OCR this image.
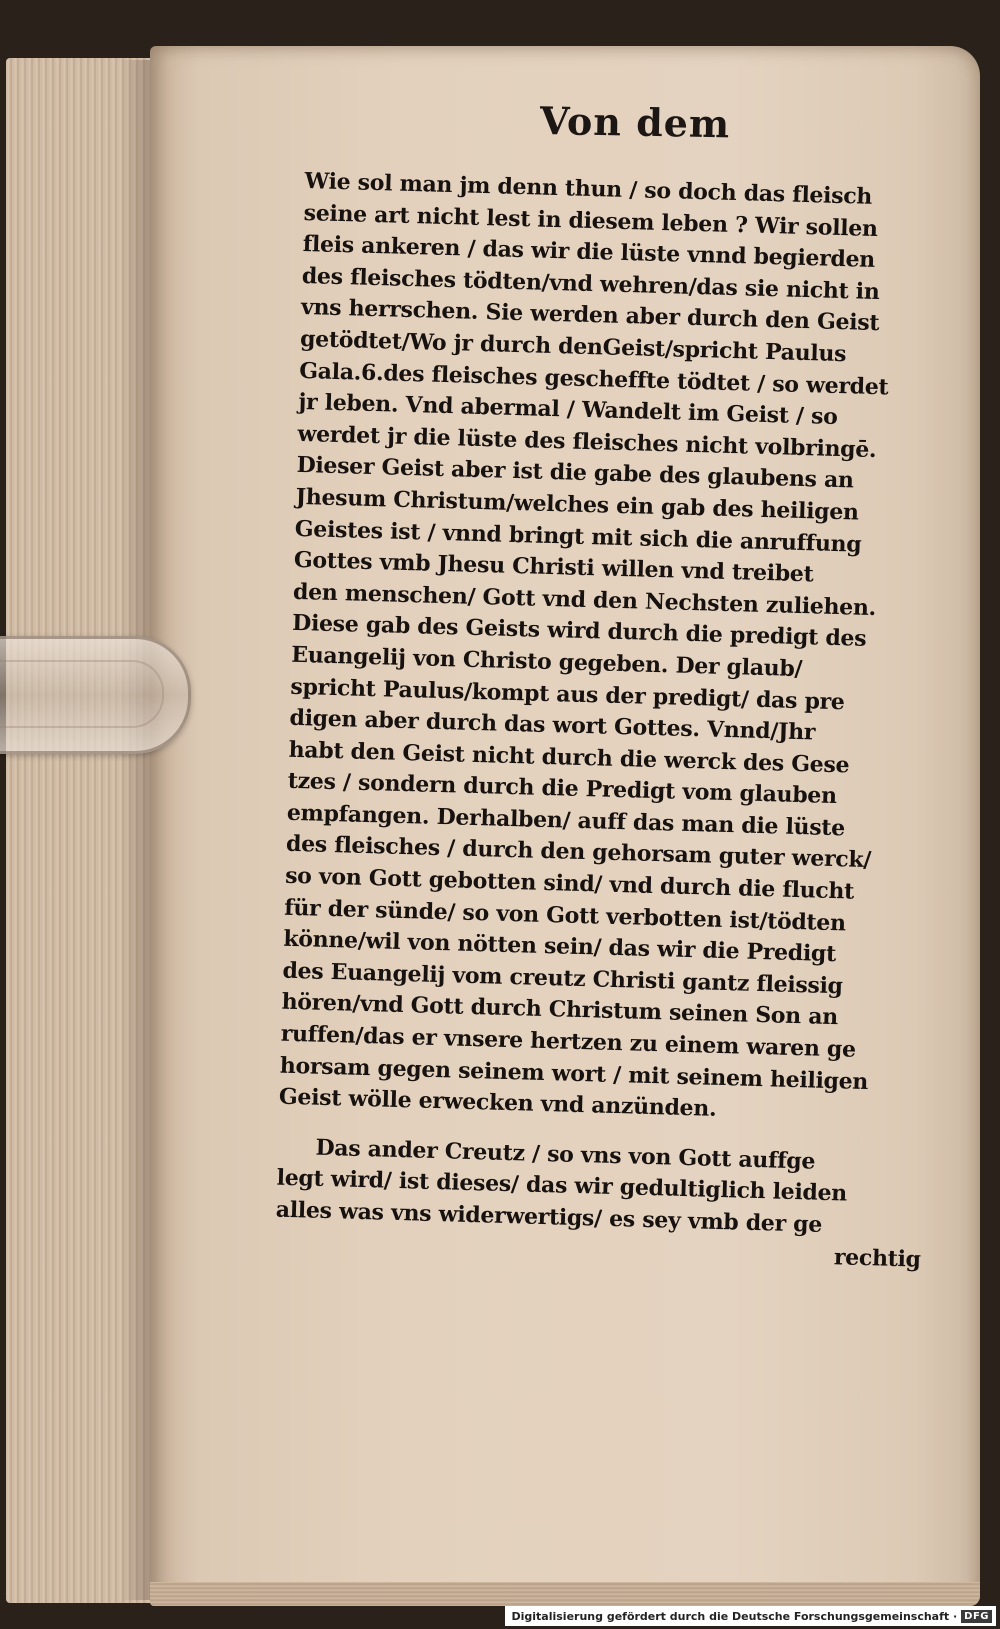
Von dem
Wie sol man jm denn thun / so doch das fleisch
seine art nicht lest in diesem leben ? Wir sollen
fleis ankeren / das wir die lüste vnnd begierden
des fleisches tödten/vnd wehren/das sie nicht in
vns herrschen. Sie werden aber durch den Geist
getödtet/Wo jr durch denGeist/spricht Paulus
Gala.6.des fleisches gescheffte tödtet / so werdet
jr leben. Vnd abermal / Wandelt im Geist / so
werdet jr die lüste des fleisches nicht volbringē.
Dieser Geist aber ist die gabe des glaubens an
Jhesum Christum/welches ein gab des heiligen
Geistes ist / vnnd bringt mit sich die anruffung
Gottes vmb Jhesu Christi willen vnd treibet
den menschen/ Gott vnd den Nechsten zuliehen.
Diese gab des Geists wird durch die predigt des
Euangelij von Christo gegeben. Der glaub/
spricht Paulus/kompt aus der predigt/ das pre
digen aber durch das wort Gottes. Vnnd/Jhr
habt den Geist nicht durch die werck des Gese
tzes / sondern durch die Predigt vom glauben
empfangen. Derhalben/ auff das man die lüste
des fleisches / durch den gehorsam guter werck/
so von Gott gebotten sind/ vnd durch die flucht
für der sünde/ so von Gott verbotten ist/tödten
könne/wil von nötten sein/ das wir die Predigt
des Euangelij vom creutz Christi gantz fleissig
hören/vnd Gott durch Christum seinen Son an
ruffen/das er vnsere hertzen zu einem waren ge
horsam gegen seinem wort / mit seinem heiligen
Geist wölle erwecken vnd anzünden.
Das ander Creutz / so vns von Gott auffge
legt wird/ ist dieses/ das wir gedultiglich leiden
alles was vns widerwertigs/ es sey vmb der ge
rechtig
Digitalisierung gefördert durch die Deutsche Forschungsgemeinschaft · DFG
